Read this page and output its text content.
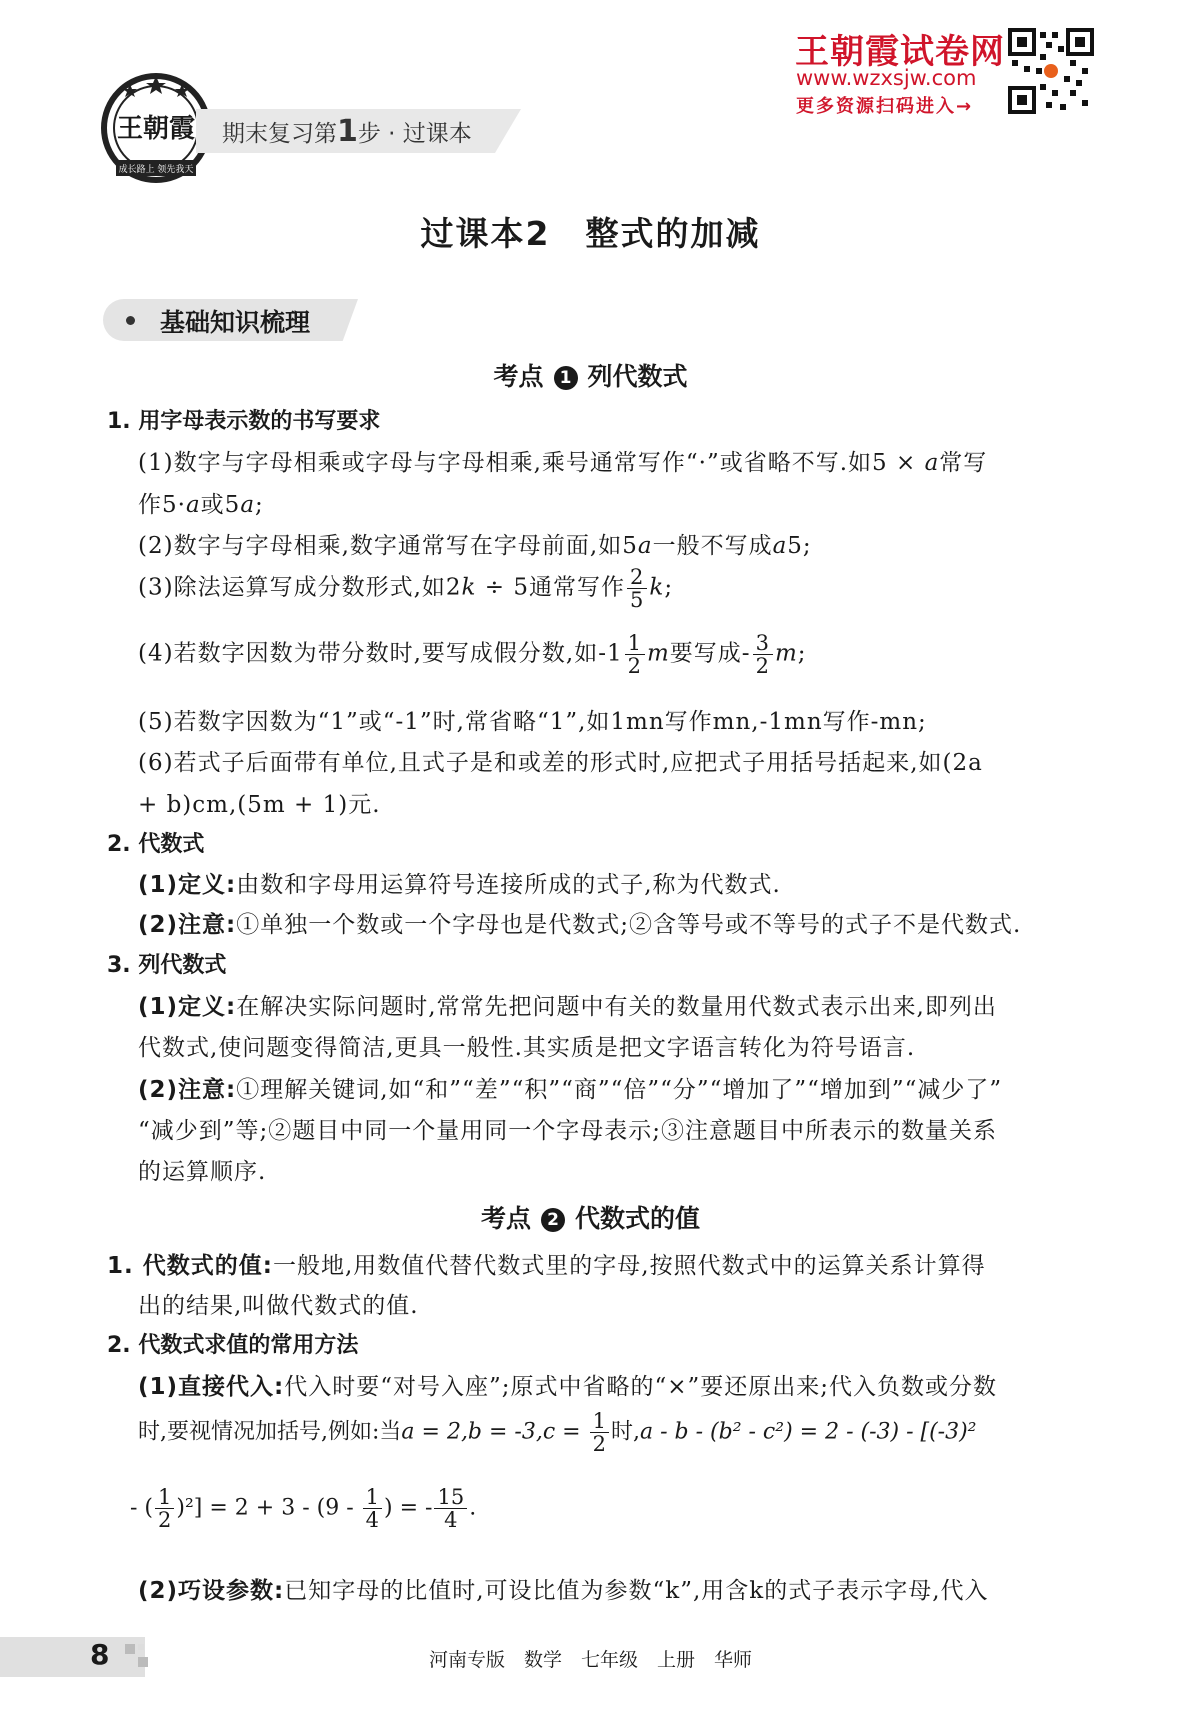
王朝霞
成长路上 领先我天
期末复习第1步 · 过课本
王朝霞试卷网
www.wzxsjw.com
更多资源扫码进入→
过课本2　整式的加减
基础知识梳理
考点 1 列代数式
1. 用字母表示数的书写要求
(1)数字与字母相乘或字母与字母相乘,乘号通常写作“·”或省略不写.如5 × a常写
作5·a或5a;
(2)数字与字母相乘,数字通常写在字母前面,如5a一般不写成a5;
(3)除法运算写成分数形式,如2k ÷ 5通常写作 $\frac{2}{5} k$;
(4)若数字因数为带分数时,要写成假分数,如$-1 \frac{1}{2}$ m要写成- $\frac{3}{2} m$;
(5)若数字因数为“1”或“-1”时,常省略“1”,如1mn写作mn,-1mn写作-mn;
(6)若式子后面带有单位,且式子是和或差的形式时,应把式子用括号括起来,如(2a
+ b)cm,(5m + 1)元.
2. 代数式
(1)定义:由数和字母用运算符号连接所成的式子,称为代数式.
(2)注意:①单独一个数或一个字母也是代数式;②含等号或不等号的式子不是代数式.
3. 列代数式
(1)定义:在解决实际问题时,常常先把问题中有关的数量用代数式表示出来,即列出
代数式,使问题变得简洁,更具一般性.其实质是把文字语言转化为符号语言.
(2)注意:①理解关键词,如“和”“差”“积”“商”“倍”“分”“增加了”“增加到”“减少了”
“减少到”等;②题目中同一个量用同一个字母表示;③注意题目中所表示的数量关系
的运算顺序.
考点 2 代数式的值
1. 代数式的值:一般地,用数值代替代数式里的字母,按照代数式中的运算关系计算得
出的结果,叫做代数式的值.
2. 代数式求值的常用方法
(1)直接代入:代入时要“对号入座”;原式中省略的“×”要还原出来;代入负数或分数
时,要视情况加括号,例如:当$a = 2,b = -3,c = \frac{1}{2}$ 时,a - b - (b² - c²) = 2 - (-3) - [(-3)²
- ( $\frac{1}{2} )^2] = 2 + 3 - (9 - \frac{1}{4}$ ) = - $\frac{15}{4}$ .
(2)巧设参数:已知字母的比值时,可设比值为参数“k”,用含k的式子表示字母,代入
8	河南专版　数学　七年级　上册　华师
